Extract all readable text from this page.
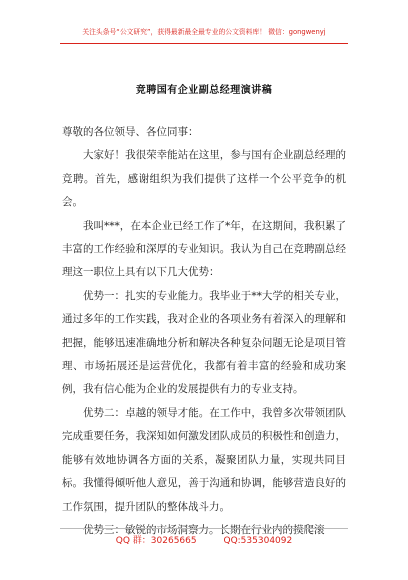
关注头条号“公文研究”，获得最新最全最专业的公文资料库！ 微信：gongwenyj
竞聘国有企业副总经理演讲稿

尊敬的各位领导、各位同事：

大家好！我很荣幸能站在这里，参与国有企业副总经理的竞聘。首先，感谢组织为我们提供了这样一个公平竞争的机会。

我叫***，在本企业已经工作了*年，在这期间，我积累了丰富的工作经验和深厚的专业知识。我认为自己在竞聘副总经理这一职位上具有以下几大优势：

优势一：扎实的专业能力。我毕业于**大学的相关专业，通过多年的工作实践，我对企业的各项业务有着深入的理解和把握，能够迅速准确地分析和解决各种复杂问题无论是项目管理、市场拓展还是运营优化，我都有着丰富的经验和成功案例，我有信心能为企业的发展提供有力的专业支持。

优势二：卓越的领导才能。在工作中，我曾多次带领团队完成重要任务，我深知如何激发团队成员的积极性和创造力，能够有效地协调各方面的关系，凝聚团队力量，实现共同目标。我懂得倾听他人意见，善于沟通和协调，能够营造良好的工作氛围，提升团队的整体战斗力。

优势三：敏锐的市场洞察力。长期在行业内的摸爬滚

QQ 群：30265665	QQ:535304092
